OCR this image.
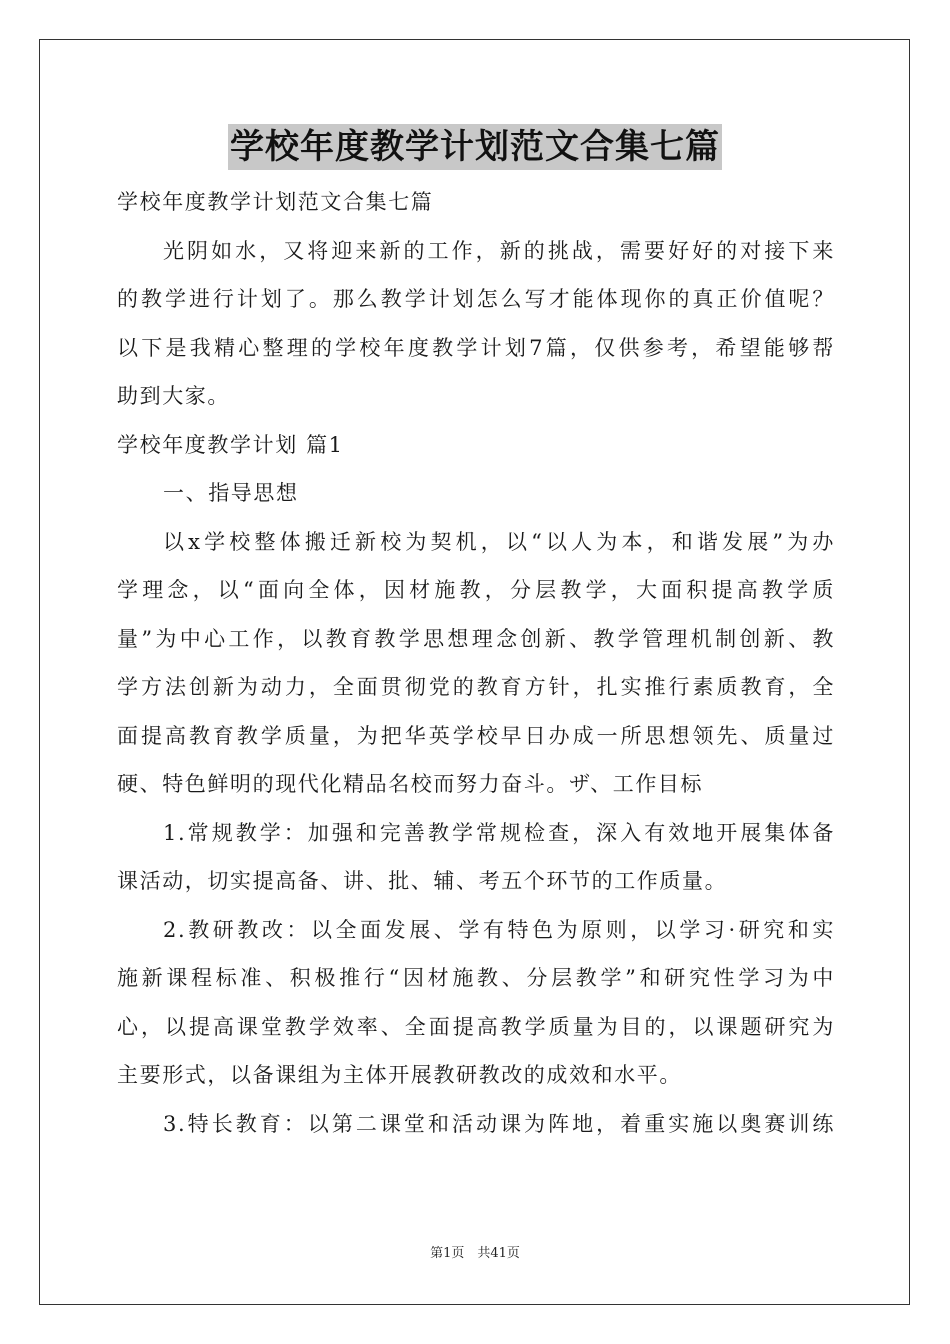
学校年度教学计划范文合集七篇

学校年度教学计划范文合集七篇

光阴如水，又将迎来新的工作，新的挑战，需要好好的对接下来

的教学进行计划了。那么教学计划怎么写才能体现你的真正价值呢？

以下是我精心整理的学校年度教学计划7篇，仅供参考，希望能够帮

助到大家。

学校年度教学计划 篇1

一、指导思想

以x学校整体搬迁新校为契机，以“以人为本，和谐发展”为办

学理念，以“面向全体，因材施教，分层教学，大面积提高教学质

量”为中心工作，以教育教学思想理念创新、教学管理机制创新、教

学方法创新为动力，全面贯彻党的教育方针，扎实推行素质教育，全

面提高教育教学质量，为把华英学校早日办成一所思想领先、质量过

硬、特色鲜明的现代化精品名校而努力奋斗。ザ、工作目标

1.常规教学：加强和完善教学常规检查，深入有效地开展集体备

课活动，切实提高备、讲、批、辅、考五个环节的工作质量。

2.教研教改：以全面发展、学有特色为原则，以学习·研究和实

施新课程标准、积极推行“因材施教、分层教学”和研究性学习为中

心，以提高课堂教学效率、全面提高教学质量为目的，以课题研究为

主要形式，以备课组为主体开展教研教改的成效和水平。

3.特长教育：以第二课堂和活动课为阵地，着重实施以奥赛训练

第1页　共41页
